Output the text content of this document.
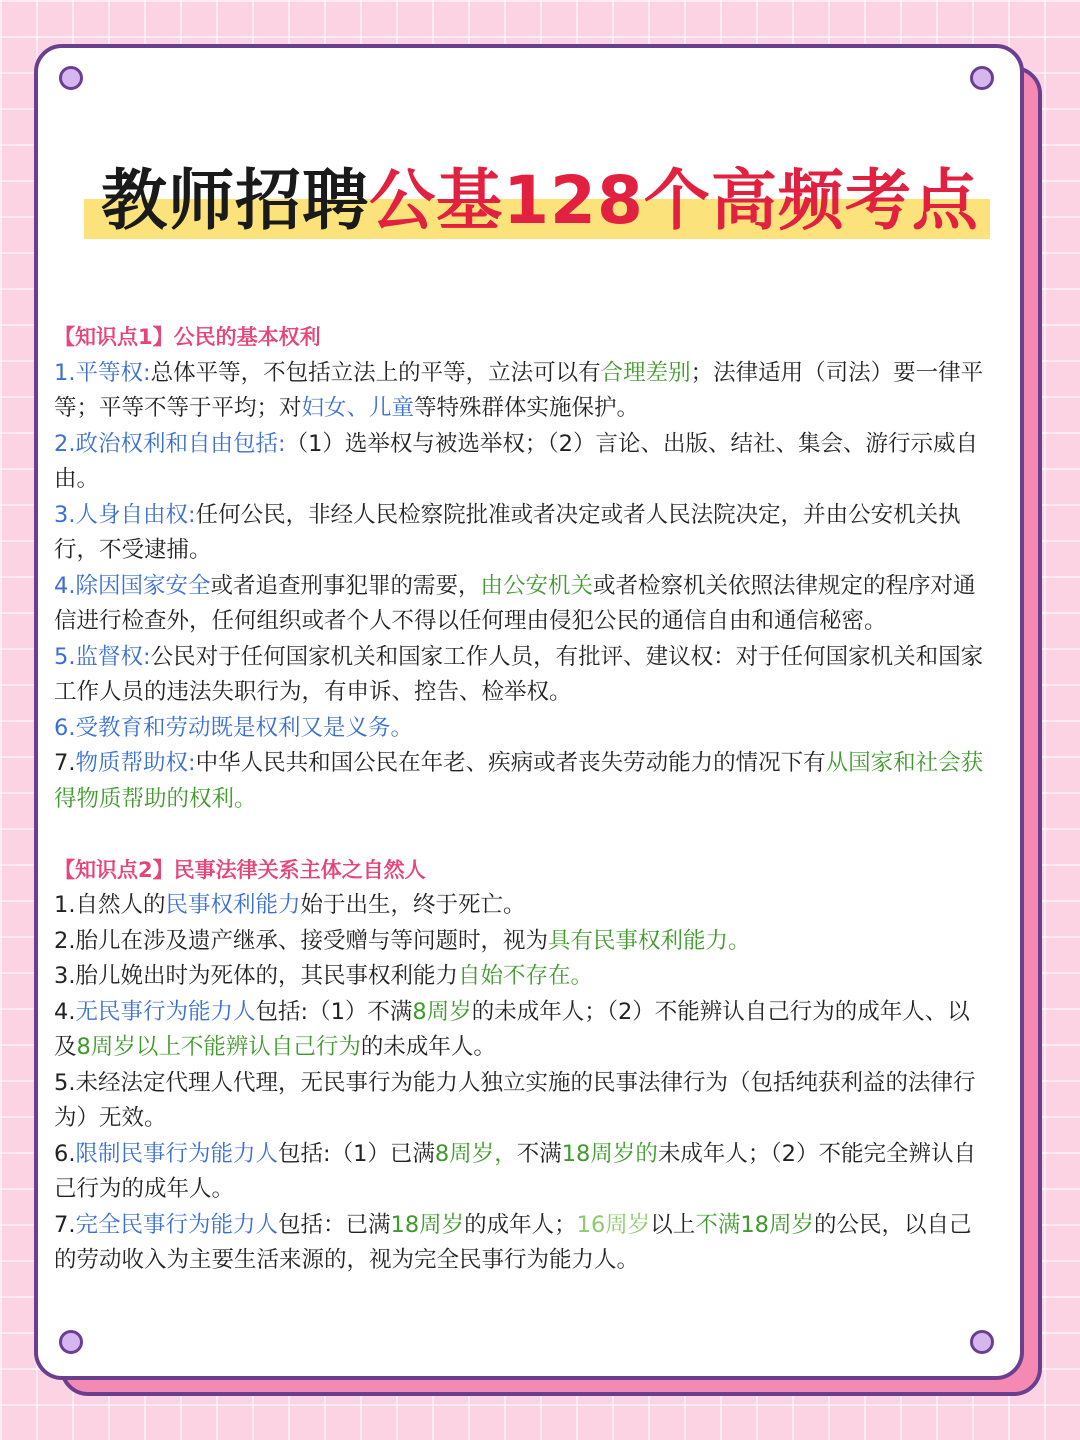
教师招聘公基128个高频考点

【知识点1】公民的基本权利

1.平等权:总体平等，不包括立法上的平等，立法可以有合理差别；法律适用（司法）要一律平等；平等不等于平均；对妇女、儿童等特殊群体实施保护。

2.政治权利和自由包括:（1）选举权与被选举权；（2）言论、出版、结社、集会、游行示威自由。

3.人身自由权:任何公民，非经人民检察院批准或者决定或者人民法院决定，并由公安机关执行，不受逮捕。

4.除因国家安全或者追查刑事犯罪的需要，由公安机关或者检察机关依照法律规定的程序对通信进行检查外，任何组织或者个人不得以任何理由侵犯公民的通信自由和通信秘密。

5.监督权:公民对于任何国家机关和国家工作人员，有批评、建议权：对于任何国家机关和国家工作人员的违法失职行为，有申诉、控告、检举权。

6.受教育和劳动既是权利又是义务。

7.物质帮助权:中华人民共和国公民在年老、疾病或者丧失劳动能力的情况下有从国家和社会获得物质帮助的权利。

【知识点2】民事法律关系主体之自然人

1.自然人的民事权利能力始于出生，终于死亡。

2.胎儿在涉及遗产继承、接受赠与等问题时，视为具有民事权利能力。

3.胎儿娩出时为死体的，其民事权利能力自始不存在。

4.无民事行为能力人包括:（1）不满8周岁的未成年人；（2）不能辨认自己行为的成年人、以及8周岁以上不能辨认自己行为的未成年人。

5.未经法定代理人代理，无民事行为能力人独立实施的民事法律行为（包括纯获利益的法律行为）无效。

6.限制民事行为能力人包括:（1）已满8周岁，不满18周岁的未成年人；（2）不能完全辨认自己行为的成年人。

7.完全民事行为能力人包括：已满18周岁的成年人；16周岁以上不满18周岁的公民，以自己的劳动收入为主要生活来源的，视为完全民事行为能力人。
